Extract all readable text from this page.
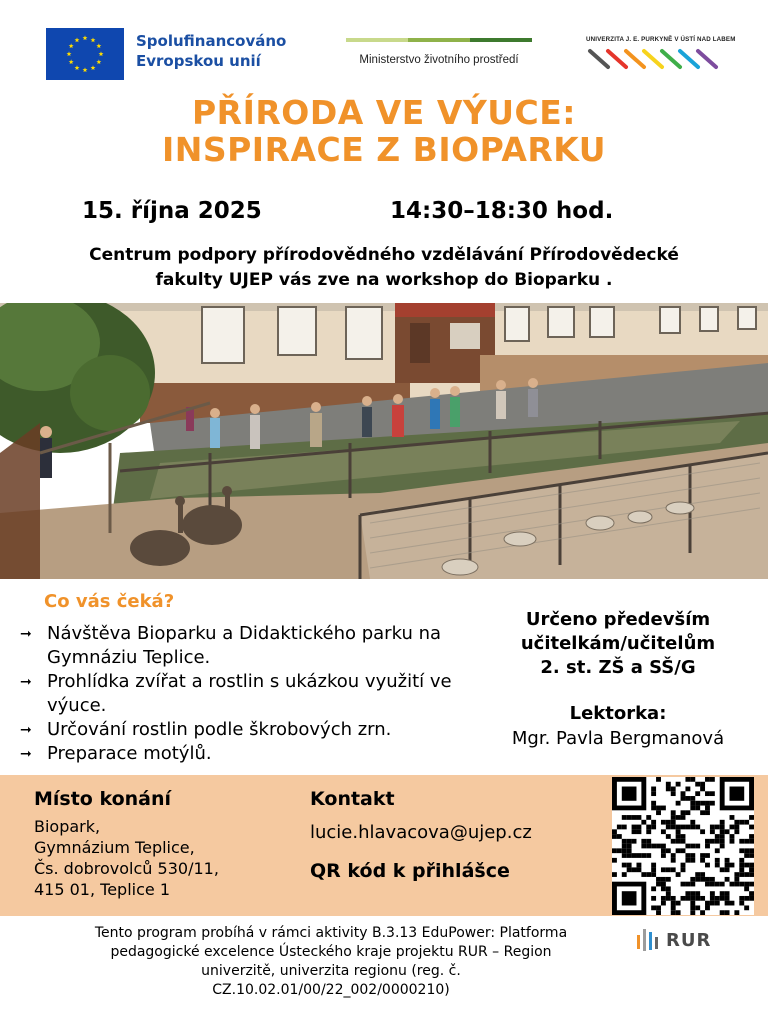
Spolufinancováno
Evropskou unií	Ministerstvo životního prostředí
UNIVERZITA J. E. PURKYNĚ V ÚSTÍ NAD LABEM
PŘÍRODA VE VÝUCE:
INSPIRACE Z BIOPARKU
15. října 2025	14:30–18:30 hod.
Centrum podpory přírodovědného vzdělávání Přírodovědecké
fakulty UJEP vás zve na workshop do Bioparku .
Co vás čeká?
➞ Návštěva Bioparku a Didaktického parku na Gymnáziu Teplice.
➞ Prohlídka zvířat a rostlin s ukázkou využití ve výuce.
➞ Určování rostlin podle škrobových zrn.
➞ Preparace motýlů.
Určeno především
učitelkám/učitelům
2. st. ZŠ a SŠ/G
Lektorka:
Mgr. Pavla Bergmanová
Místo konání
Biopark,
Gymnázium Teplice,
Čs. dobrovolců 530/11,
415 01, Teplice 1
Kontakt
lucie.hlavacova@ujep.cz
QR kód k přihlášce
Tento program probíhá v rámci aktivity B.3.13 EduPower: Platforma
pedagogické excelence Ústeckého kraje projektu RUR – Region
univerzitě, univerzita regionu (reg. č.
CZ.10.02.01/00/22_002/0000210)
RUR
